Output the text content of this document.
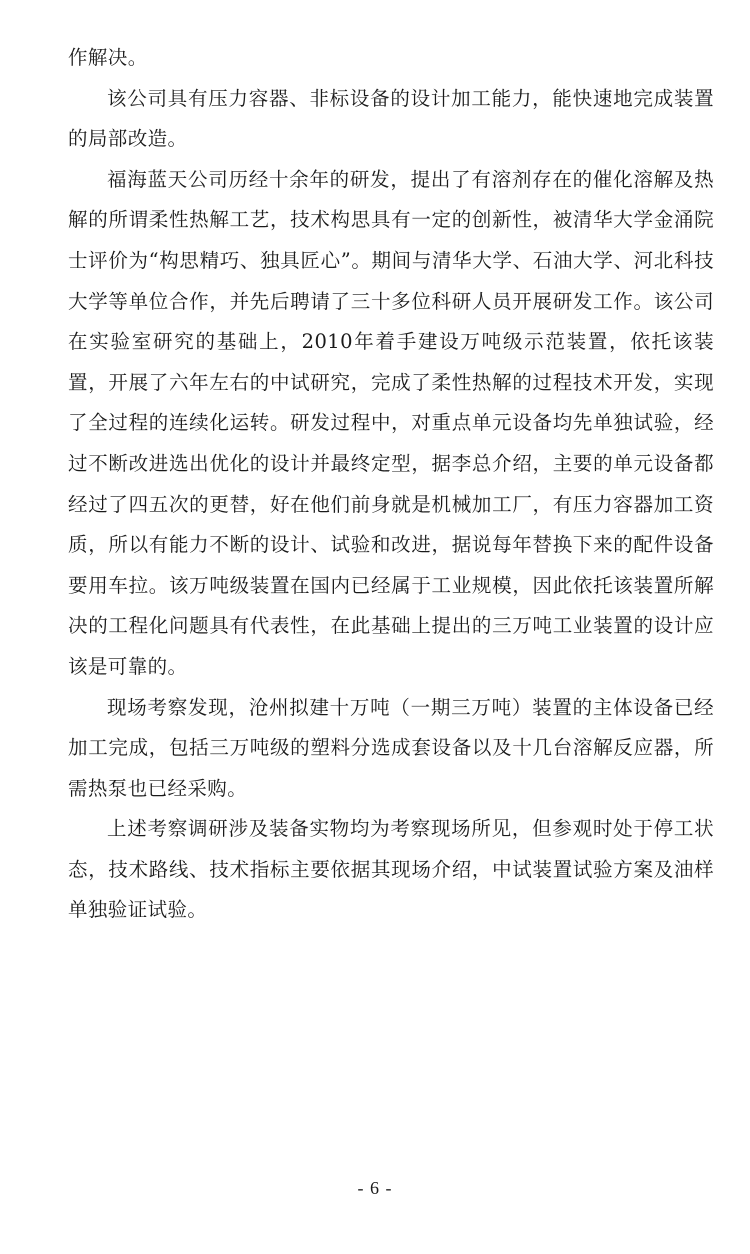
作解决。

该公司具有压力容器、非标设备的设计加工能力，能快速地完成装置的局部改造。

福海蓝天公司历经十余年的研发，提出了有溶剂存在的催化溶解及热解的所谓柔性热解工艺，技术构思具有一定的创新性，被清华大学金涌院士评价为“构思精巧、独具匠心”。期间与清华大学、石油大学、河北科技大学等单位合作，并先后聘请了三十多位科研人员开展研发工作。该公司在实验室研究的基础上，2010年着手建设万吨级示范装置，依托该装置，开展了六年左右的中试研究，完成了柔性热解的过程技术开发，实现了全过程的连续化运转。研发过程中，对重点单元设备均先单独试验，经过不断改进选出优化的设计并最终定型，据李总介绍，主要的单元设备都经过了四五次的更替，好在他们前身就是机械加工厂，有压力容器加工资质，所以有能力不断的设计、试验和改进，据说每年替换下来的配件设备要用车拉。该万吨级装置在国内已经属于工业规模，因此依托该装置所解决的工程化问题具有代表性，在此基础上提出的三万吨工业装置的设计应该是可靠的。

现场考察发现，沧州拟建十万吨（一期三万吨）装置的主体设备已经加工完成，包括三万吨级的塑料分选成套设备以及十几台溶解反应器，所需热泵也已经采购。

上述考察调研涉及装备实物均为考察现场所见，但参观时处于停工状态，技术路线、技术指标主要依据其现场介绍，中试装置试验方案及油样单独验证试验。

- 6 -
